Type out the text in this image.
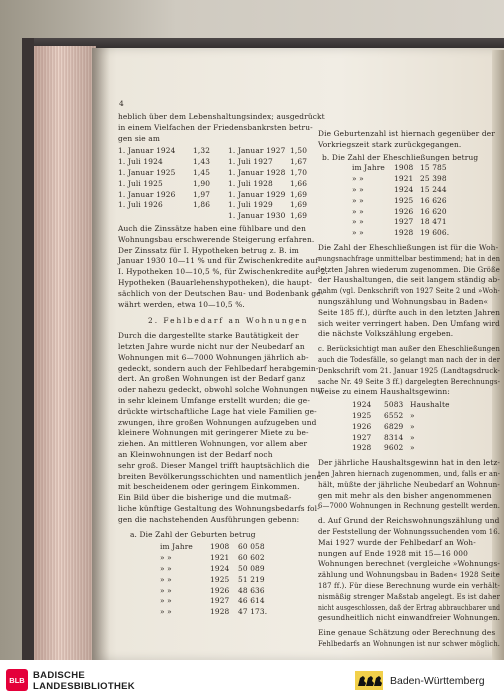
4
heblich über dem Lebenshaltungsindex; ausgedrückt
in einem Vielfachen der Friedensbankrsten betru-
gen sie am
1. Januar 1924 1,32 1. Januar 1927 1,50
1. Juli 1924	1,43 1. Juli 1927 1,67
1. Januar 1925 1,45 1. Januar 1928 1,70
1. Juli 1925	1,90 1. Juli 1928 1,66
1. Januar 1926 1,97 1. Januar 1929 1,69
1. Juli 1926	1,86 1. Juli 1929 1,69
1. Januar 1930 1,69
Auch die Zinssätze haben eine fühlbare und den
Wohnungsbau erschwerende Steigerung erfahren.
Der Zinssatz für I. Hypotheken betrug z. B. im
Januar 1930 10—11 % und für Zwischenkredite auf
I. Hypotheken 10—10,5 %, für Zwischenkredite auf 2.
Hypotheken (Bauarlehenshypotheken), die haupt-
sächlich von der Deutschen Bau- und Bodenbank ge-
währt werden, etwa 10—10,5 %.
2. Fehlbedarf an Wohnungen
Durch die dargestellte starke Bautätigkeit der
letzten Jahre wurde nicht nur der Neubedarf an
Wohnungen mit 6—7000 Wohnungen jährlich ab-
gedeckt, sondern auch der Fehlbedarf herabgemin-
dert. An großen Wohnungen ist der Bedarf ganz
oder nahezu gedeckt, obwohl solche Wohnungen nur
in sehr kleinem Umfange erstellt wurden; die ge-
drückte wirtschaftliche Lage hat viele Familien ge-
zwungen, ihre großen Wohnungen aufzugeben und
kleinere Wohnungen mit geringerer Miete zu be-
ziehen. An mittleren Wohnungen, vor allem aber
an Kleinwohnungen ist der Bedarf noch
sehr groß. Dieser Mangel trifft hauptsächlich die
breiten Bevölkerungsschichten und namentlich jene
mit bescheidenem oder geringem Einkommen.
Ein Bild über die bisherige und die mutmaß-
liche künftige Gestaltung des Wohnungsbedarfs fol-
gen die nachstehenden Ausführungen gebenn:
a. Die Zahl der Geburten betrug
im Jahre 1908 60 058
» »	1921 60 602
» »	1924 50 089
» »	1925 51 219
» »	1926 48 636
» »	1927 46 614
» »	1928 47 173.
Die Geburtenzahl ist hiernach gegenüber der
Vorkriegszeit stark zurückgegangen.
b. Die Zahl der Eheschließungen betrug
im Jahre 1908 15 785
» »	1921 25 398
» »	1924 15 244
» »	1925 16 626
» »	1926 16 620
» »	1927 18 471
» »	1928 19 606.
Die Zahl der Eheschließungen ist für die Woh-
nungsnachfrage unmittelbar bestimmend; hat in den
letzten Jahren wiederum zugenommen. Die Größe
der Haushaltungen, die seit langem ständig ab-
nahm (vgl. Denkschrift von 1927 Seite 2 und »Woh-
nungszählung und Wohnungsbau in Baden«
Seite 185 ff.), dürfte auch in den letzten Jahren
sich weiter verringert haben. Den Umfang wird
die nächste Volkszählung ergeben.
c. Berücksichtigt man außer den Eheschließungen
auch die Todesfälle, so gelangt man nach der in der
Denkschrift vom 21. Januar 1925 (Landtagsdruck-
sache Nr. 49 Seite 3 ff.) dargelegten Berechnungs-
weise zu einem Haushaltsgewinn:
1924 5083 Haushalte
1925 6552 »
1926 6829 »
1927 8314 »
1928 9602 »
Der jährliche Haushaltsgewinn hat in den letz-
ten Jahren hiernach zugenommen, und, falls er an-
hält, müßte der jährliche Neubedarf an Wohnun-
gen mit mehr als den bisher angenommenen
6—7000 Wohnungen in Rechnung gestellt werden.
d. Auf Grund der Reichswohnungszählung und
der Feststellung der Wohnungssuchenden vom 16.
Mai 1927 wurde der Fehlbedarf an Woh-
nungen auf Ende 1928 mit 15—16 000
Wohnungen berechnet (vergleiche »Wohnungs-
zählung und Wohnungsbau in Baden« 1928 Seite
187 ff.). Für diese Berechnung wurde ein verhält-
nismäßig strenger Maßstab angelegt. Es ist daher
nicht ausgeschlossen, daß der Ertrag abbrauchbarer und
gesundheitlich nicht einwandfreier Wohnungen.
Eine genaue Schätzung oder Berechnung des
Fehlbedarfs an Wohnungen ist nur schwer möglich.
BLB BADISCHE
LANDESBIBLIOTHEK	Baden-Württemberg
